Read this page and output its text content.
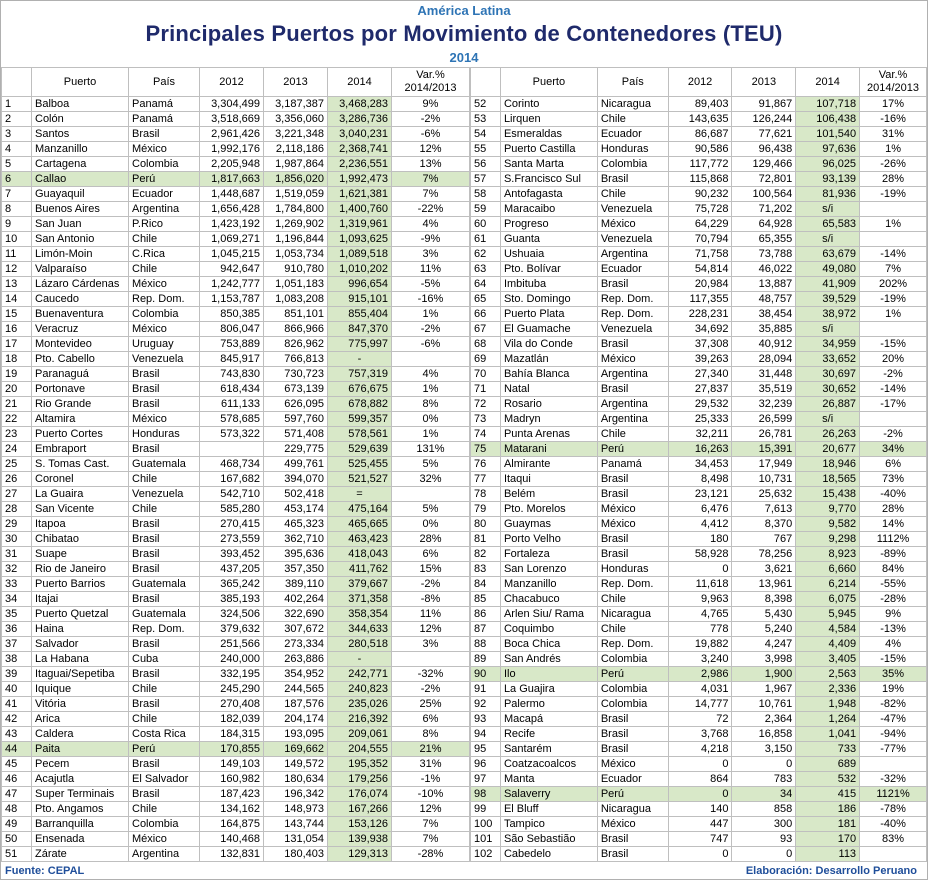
América Latina
Principales Puertos por Movimiento de Contenedores (TEU)
2014
	Puerto	País	2012	2013	2014	Var.%
2014/2013
1	Balboa	Panamá	3,304,499	3,187,387	3,468,283	9%
2	Colón	Panamá	3,518,669	3,356,060	3,286,736	-2%
3	Santos	Brasil	2,961,426	3,221,348	3,040,231	-6%
4	Manzanillo	México	1,992,176	2,118,186	2,368,741	12%
5	Cartagena	Colombia	2,205,948	1,987,864	2,236,551	13%
6	Callao	Perú	1,817,663	1,856,020	1,992,473	7%
7	Guayaquil	Ecuador	1,448,687	1,519,059	1,621,381	7%
8	Buenos Aires	Argentina	1,656,428	1,784,800	1,400,760	-22%
9	San Juan	P.Rico	1,423,192	1,269,902	1,319,961	4%
10	San Antonio	Chile	1,069,271	1,196,844	1,093,625	-9%
11	Limón-Moin	C.Rica	1,045,215	1,053,734	1,089,518	3%
12	Valparaíso	Chile	942,647	910,780	1,010,202	11%
13	Lázaro Cárdenas	México	1,242,777	1,051,183	996,654	-5%
14	Caucedo	Rep. Dom.	1,153,787	1,083,208	915,101	-16%
15	Buenaventura	Colombia	850,385	851,101	855,404	1%
16	Veracruz	México	806,047	866,966	847,370	-2%
17	Montevideo	Uruguay	753,889	826,962	775,997	-6%
18	Pto. Cabello	Venezuela	845,917	766,813	-	
19	Paranaguá	Brasil	743,830	730,723	757,319	4%
20	Portonave	Brasil	618,434	673,139	676,675	1%
21	Rio Grande	Brasil	611,133	626,095	678,882	8%
22	Altamira	México	578,685	597,760	599,357	0%
23	Puerto Cortes	Honduras	573,322	571,408	578,561	1%
24	Embraport	Brasil		229,775	529,639	131%
25	S. Tomas Cast.	Guatemala	468,734	499,761	525,455	5%
26	Coronel	Chile	167,682	394,070	521,527	32%
27	La Guaira	Venezuela	542,710	502,418	=	
28	San Vicente	Chile	585,280	453,174	475,164	5%
29	Itapoa	Brasil	270,415	465,323	465,665	0%
30	Chibatao	Brasil	273,559	362,710	463,423	28%
31	Suape	Brasil	393,452	395,636	418,043	6%
32	Rio de Janeiro	Brasil	437,205	357,350	411,762	15%
33	Puerto Barrios	Guatemala	365,242	389,110	379,667	-2%
34	Itajai	Brasil	385,193	402,264	371,358	-8%
35	Puerto Quetzal	Guatemala	324,506	322,690	358,354	11%
36	Haina	Rep. Dom.	379,632	307,672	344,633	12%
37	Salvador	Brasil	251,566	273,334	280,518	3%
38	La Habana	Cuba	240,000	263,886	-	
39	Itaguai/Sepetiba	Brasil	332,195	354,952	242,771	-32%
40	Iquique	Chile	245,290	244,565	240,823	-2%
41	Vitória	Brasil	270,408	187,576	235,026	25%
42	Arica	Chile	182,039	204,174	216,392	6%
43	Caldera	Costa Rica	184,315	193,095	209,061	8%
44	Paita	Perú	170,855	169,662	204,555	21%
45	Pecem	Brasil	149,103	149,572	195,352	31%
46	Acajutla	El Salvador	160,982	180,634	179,256	-1%
47	Super Terminais	Brasil	187,423	196,342	176,074	-10%
48	Pto. Angamos	Chile	134,162	148,973	167,266	12%
49	Barranquilla	Colombia	164,875	143,744	153,126	7%
50	Ensenada	México	140,468	131,054	139,938	7%
51	Zárate	Argentina	132,831	180,403	129,313	-28%
	Puerto	País	2012	2013	2014	Var.%
2014/2013
52	Corinto	Nicaragua	89,403	91,867	107,718	17%
53	Lirquen	Chile	143,635	126,244	106,438	-16%
54	Esmeraldas	Ecuador	86,687	77,621	101,540	31%
55	Puerto Castilla	Honduras	90,586	96,438	97,636	1%
56	Santa Marta	Colombia	117,772	129,466	96,025	-26%
57	S.Francisco Sul	Brasil	115,868	72,801	93,139	28%
58	Antofagasta	Chile	90,232	100,564	81,936	-19%
59	Maracaibo	Venezuela	75,728	71,202	s/i	
60	Progreso	México	64,229	64,928	65,583	1%
61	Guanta	Venezuela	70,794	65,355	s/i	
62	Ushuaia	Argentina	71,758	73,788	63,679	-14%
63	Pto. Bolívar	Ecuador	54,814	46,022	49,080	7%
64	Imbituba	Brasil	20,984	13,887	41,909	202%
65	Sto. Domingo	Rep. Dom.	117,355	48,757	39,529	-19%
66	Puerto Plata	Rep. Dom.	228,231	38,454	38,972	1%
67	El Guamache	Venezuela	34,692	35,885	s/i	
68	Vila do Conde	Brasil	37,308	40,912	34,959	-15%
69	Mazatlán	México	39,263	28,094	33,652	20%
70	Bahía Blanca	Argentina	27,340	31,448	30,697	-2%
71	Natal	Brasil	27,837	35,519	30,652	-14%
72	Rosario	Argentina	29,532	32,239	26,887	-17%
73	Madryn	Argentina	25,333	26,599	s/i	
74	Punta Arenas	Chile	32,211	26,781	26,263	-2%
75	Matarani	Perú	16,263	15,391	20,677	34%
76	Almirante	Panamá	34,453	17,949	18,946	6%
77	Itaqui	Brasil	8,498	10,731	18,565	73%
78	Belém	Brasil	23,121	25,632	15,438	-40%
79	Pto. Morelos	México	6,476	7,613	9,770	28%
80	Guaymas	México	4,412	8,370	9,582	14%
81	Porto Velho	Brasil	180	767	9,298	1112%
82	Fortaleza	Brasil	58,928	78,256	8,923	-89%
83	San Lorenzo	Honduras	0	3,621	6,660	84%
84	Manzanillo	Rep. Dom.	11,618	13,961	6,214	-55%
85	Chacabuco	Chile	9,963	8,398	6,075	-28%
86	Arlen Siu/ Rama	Nicaragua	4,765	5,430	5,945	9%
87	Coquimbo	Chile	778	5,240	4,584	-13%
88	Boca Chica	Rep. Dom.	19,882	4,247	4,409	4%
89	San Andrés	Colombia	3,240	3,998	3,405	-15%
90	Ilo	Perú	2,986	1,900	2,563	35%
91	La Guajira	Colombia	4,031	1,967	2,336	19%
92	Palermo	Colombia	14,777	10,761	1,948	-82%
93	Macapá	Brasil	72	2,364	1,264	-47%
94	Recife	Brasil	3,768	16,858	1,041	-94%
95	Santarém	Brasil	4,218	3,150	733	-77%
96	Coatzacoalcos	México	0	0	689	
97	Manta	Ecuador	864	783	532	-32%
98	Salaverry	Perú	0	34	415	1121%
99	El Bluff	Nicaragua	140	858	186	-78%
100	Tampico	México	447	300	181	-40%
101	São Sebastião	Brasil	747	93	170	83%
102	Cabedelo	Brasil	0	0	113	
Fuente: CEPAL	Elaboración: Desarrollo Peruano
